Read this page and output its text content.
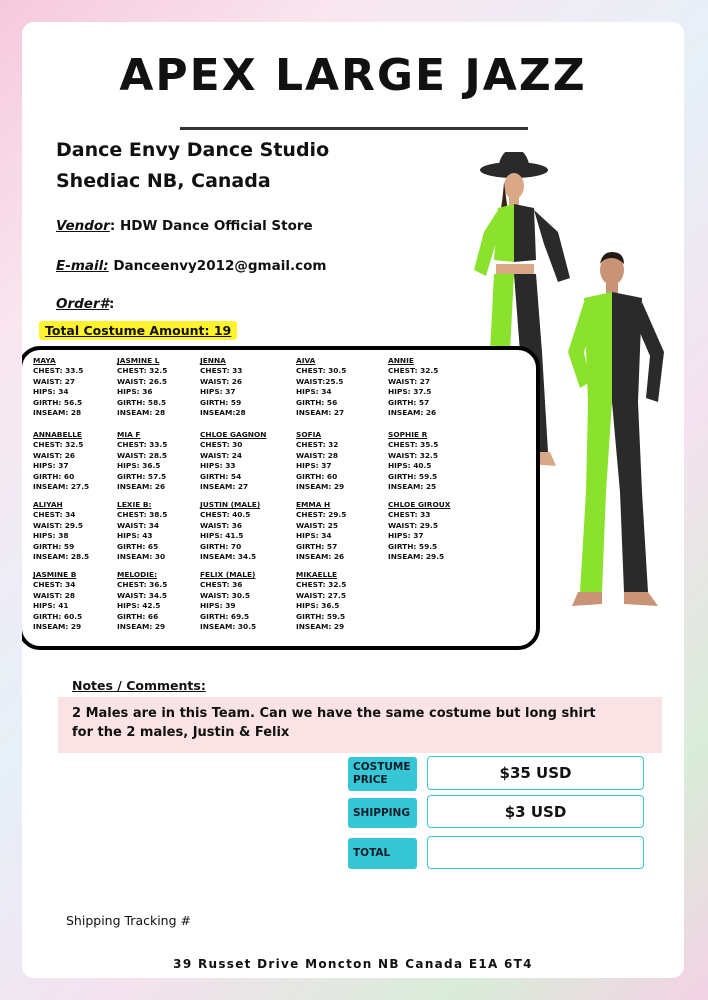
APEX LARGE JAZZ
Dance Envy Dance Studio
Shediac NB, Canada
Vendor: HDW Dance Official Store
E-mail: Danceenvy2012@gmail.com
Order#:
Total Costume Amount: 19
MAYA
CHEST: 33.5
WAIST: 27
HIPS: 34
GIRTH: 56.5
INSEAM: 28
JASMINE L
CHEST: 32.5
WAIST: 26.5
HIPS: 36
GIRTH: 58.5
INSEAM: 28
JENNA
CHEST: 33
WAIST: 26
HIPS: 37
GIRTH: 59
INSEAM:28
AIVA
CHEST: 30.5
WAIST:25.5
HIPS: 34
GIRTH: 56
INSEAM: 27
ANNIE
CHEST: 32.5
WAIST: 27
HIPS: 37.5
GIRTH: 57
INSEAM: 26
ANNABELLE
CHEST: 32.5
WAIST: 26
HIPS: 37
GIRTH: 60
INSEAM: 27.5
MIA F
CHEST: 33.5
WAIST: 28.5
HIPS: 36.5
GIRTH: 57.5
INSEAM: 26
CHLOE GAGNON
CHEST: 30
WAIST: 24
HIPS: 33
GIRTH: 54
INSEAM: 27
SOFIA
CHEST: 32
WAIST: 28
HIPS: 37
GIRTH: 60
INSEAM: 29
SOPHIE R
CHEST: 35.5
WAIST: 32.5
HIPS: 40.5
GIRTH: 59.5
INSEAM: 25
ALIYAH
CHEST: 34
WAIST: 29.5
HIPS: 38
GIRTH: 59
INSEAM: 28.5
LEXIE B:
CHEST: 38.5
WAIST: 34
HIPS: 43
GIRTH: 65
INSEAM: 30
JUSTIN (MALE)
CHEST: 40.5
WAIST: 36
HIPS: 41.5
GIRTH: 70
INSEAM: 34.5
EMMA H
CHEST: 29.5
WAIST: 25
HIPS: 34
GIRTH: 57
INSEAM: 26
CHLOE GIROUX
CHEST: 33
WAIST: 29.5
HIPS: 37
GIRTH: 59.5
INSEAM: 29.5
JASMINE B
CHEST: 34
WAIST: 28
HIPS: 41
GIRTH: 60.5
INSEAM: 29
MELODIE:
CHEST: 36.5
WAIST: 34.5
HIPS: 42.5
GIRTH: 66
INSEAM: 29
FELIX (MALE)
CHEST: 36
WAIST: 30.5
HIPS: 39
GIRTH: 69.5
INSEAM: 30.5
MIKAELLE
CHEST: 32.5
WAIST: 27.5
HIPS: 36.5
GIRTH: 59.5
INSEAM: 29
Notes / Comments:
2 Males are in this Team. Can we have the same costume but long shirt
for the 2 males, Justin & Felix
COSTUME PRICE	$35 USD
SHIPPING	$3 USD
TOTAL
Shipping Tracking #
39 Russet Drive Moncton NB Canada E1A 6T4
